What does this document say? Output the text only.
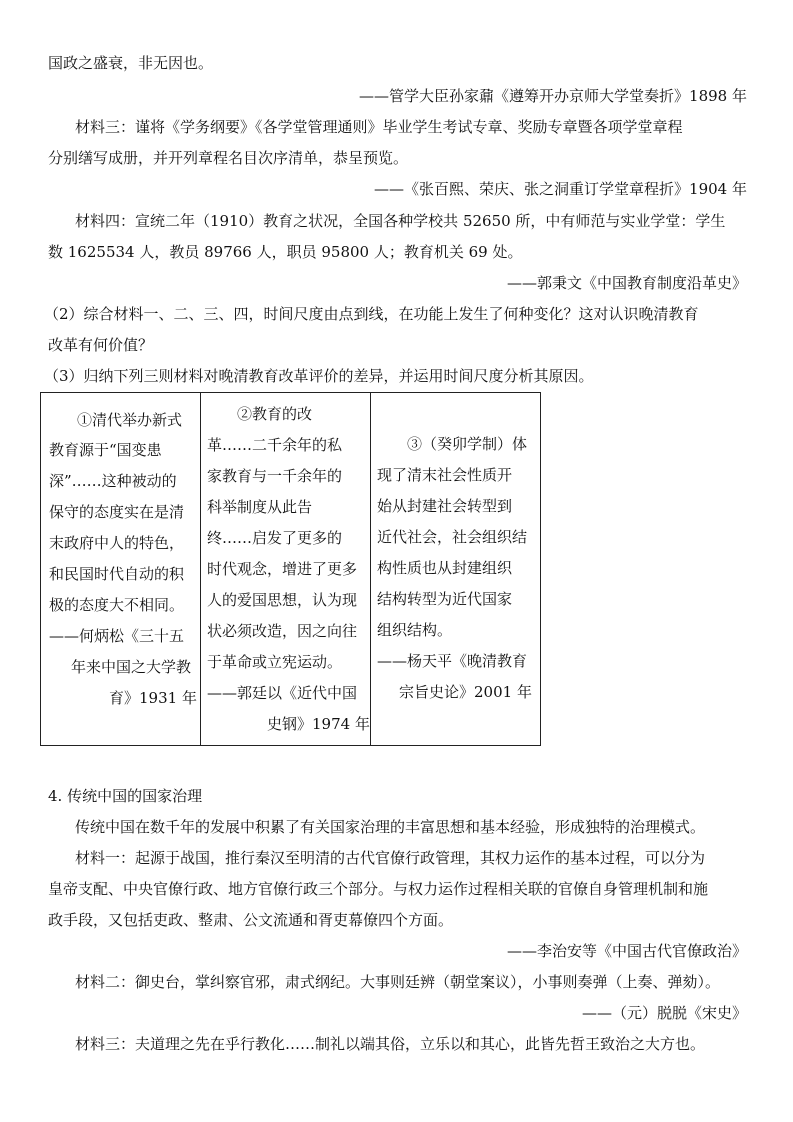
国政之盛衰，非无因也。
——管学大臣孙家鼐《遵筹开办京师大学堂奏折》1898 年
材料三：谨将《学务纲要》《各学堂管理通则》毕业学生考试专章、奖励专章暨各项学堂章程
分别缮写成册，并开列章程名目次序清单，恭呈预览。
——《张百熙、荣庆、张之洞重订学堂章程折》1904 年
材料四：宣统二年（1910）教育之状况，全国各种学校共 52650 所，中有师范与实业学堂：学生
数 1625534 人，教员 89766 人，职员 95800 人；教育机关 69 处。
——郭秉文《中国教育制度沿革史》
（2）综合材料一、二、三、四，时间尺度由点到线，在功能上发生了何种变化？这对认识晚清教育
改革有何价值？
（3）归纳下列三则材料对晚清教育改革评价的差异，并运用时间尺度分析其原因。
①清代举办新式
教育源于“国变患
深”……这种被动的
保守的态度实在是清
末政府中人的特色，
和民国时代自动的积
极的态度大不相同。
——何炳松《三十五
年来中国之大学教
育》1931 年

②教育的改
革……二千余年的私
家教育与一千余年的
科举制度从此告
终……启发了更多的
时代观念，增进了更多
人的爱国思想，认为现
状必须改造，因之向往
于革命或立宪运动。
——郭廷以《近代中国
史钢》1974 年

③（癸卯学制）体
现了清末社会性质开
始从封建社会转型到
近代社会，社会组织结
构性质也从封建组织
结构转型为近代国家
组织结构。
——杨天平《晚清教育
宗旨史论》2001 年
4. 传统中国的国家治理
传统中国在数千年的发展中积累了有关国家治理的丰富思想和基本经验，形成独特的治理模式。
材料一：起源于战国，推行秦汉至明清的古代官僚行政管理，其权力运作的基本过程，可以分为
皇帝支配、中央官僚行政、地方官僚行政三个部分。与权力运作过程相关联的官僚自身管理机制和施
政手段，又包括吏政、整肃、公文流通和胥吏幕僚四个方面。
——李治安等《中国古代官僚政治》
材料二：御史台，掌纠察官邪，肃式纲纪。大事则廷辨（朝堂案议），小事则奏弹（上奏、弹劾）。
——（元）脱脱《宋史》
材料三：夫道理之先在乎行教化……制礼以端其俗，立乐以和其心，此皆先哲王致治之大方也。
